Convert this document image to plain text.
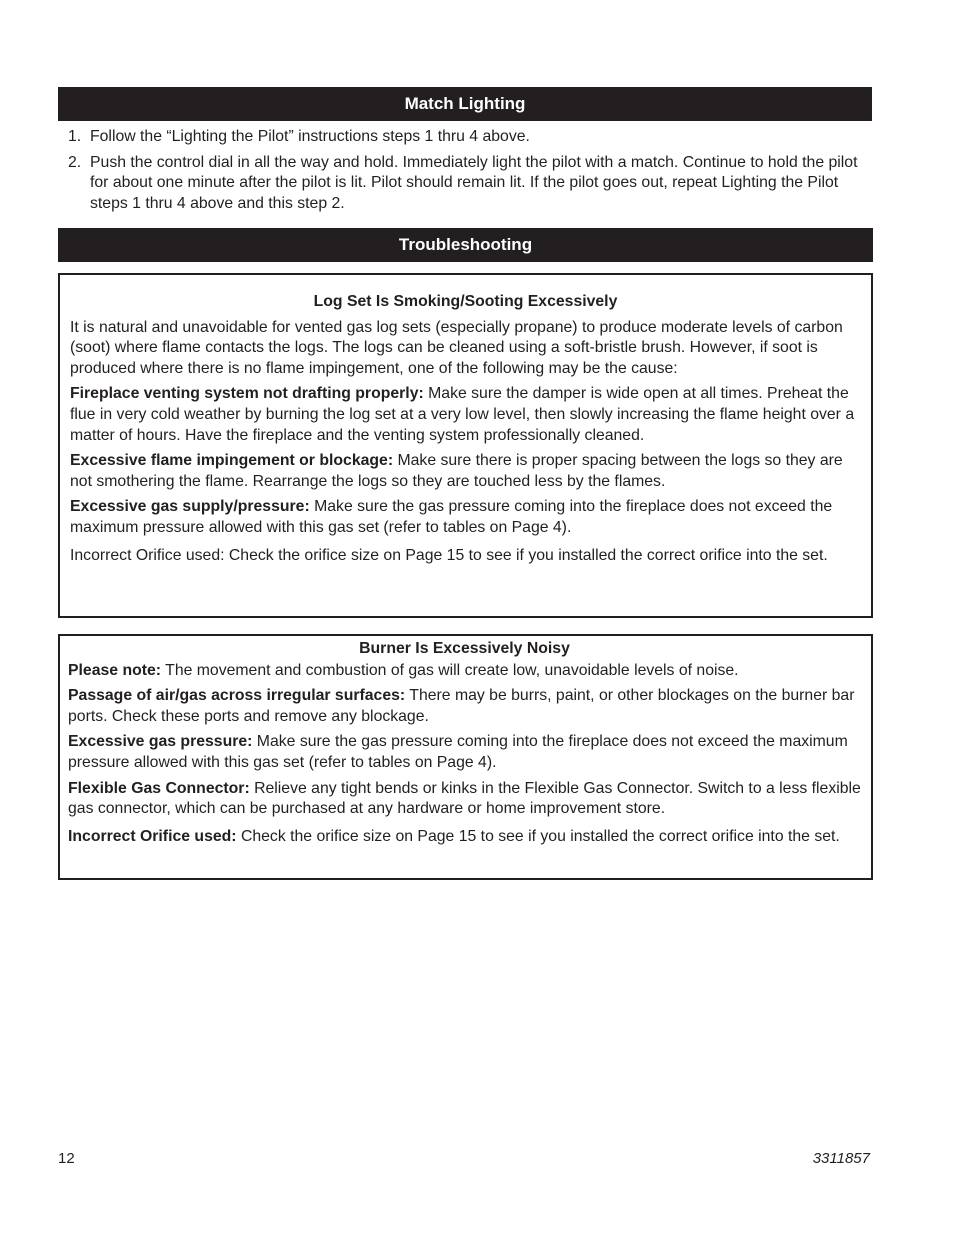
Match Lighting
1. Follow the “Lighting the Pilot” instructions steps 1 thru 4 above.
2. Push the control dial in all the way and hold. Immediately light the pilot with a match. Continue to hold the pilot for about one minute after the pilot is lit. Pilot should remain lit. If the pilot goes out, repeat Lighting the Pilot steps 1 thru 4 above and this step 2.
Troubleshooting
Log Set Is Smoking/Sooting Excessively

It is natural and unavoidable for vented gas log sets (especially propane) to produce moderate levels of carbon (soot) where flame contacts the logs. The logs can be cleaned using a soft-bristle brush. However, if soot is produced where there is no flame impingement, one of the following may be the cause:

Fireplace venting system not drafting properly: Make sure the damper is wide open at all times. Preheat the flue in very cold weather by burning the log set at a very low level, then slowly increasing the flame height over a matter of hours. Have the fireplace and the venting system professionally cleaned.

Excessive flame impingement or blockage: Make sure there is proper spacing between the logs so they are not smothering the flame. Rearrange the logs so they are touched less by the flames.

Excessive gas supply/pressure: Make sure the gas pressure coming into the fireplace does not exceed the maximum pressure allowed with this gas set (refer to tables on Page 4).

Incorrect Orifice used: Check the orifice size on Page 15 to see if you installed the correct orifice into the set.

Burner Is Excessively Noisy

Please note: The movement and combustion of gas will create low, unavoidable levels of noise.

Passage of air/gas across irregular surfaces: There may be burrs, paint, or other blockages on the burner bar ports. Check these ports and remove any blockage.

Excessive gas pressure: Make sure the gas pressure coming into the fireplace does not exceed the maximum pressure allowed with this gas set (refer to tables on Page 4).

Flexible Gas Connector: Relieve any tight bends or kinks in the Flexible Gas Connector. Switch to a less flexible gas connector, which can be purchased at any hardware or home improvement store.

Incorrect Orifice used: Check the orifice size on Page 15 to see if you installed the correct orifice into the set.

12	3311857
